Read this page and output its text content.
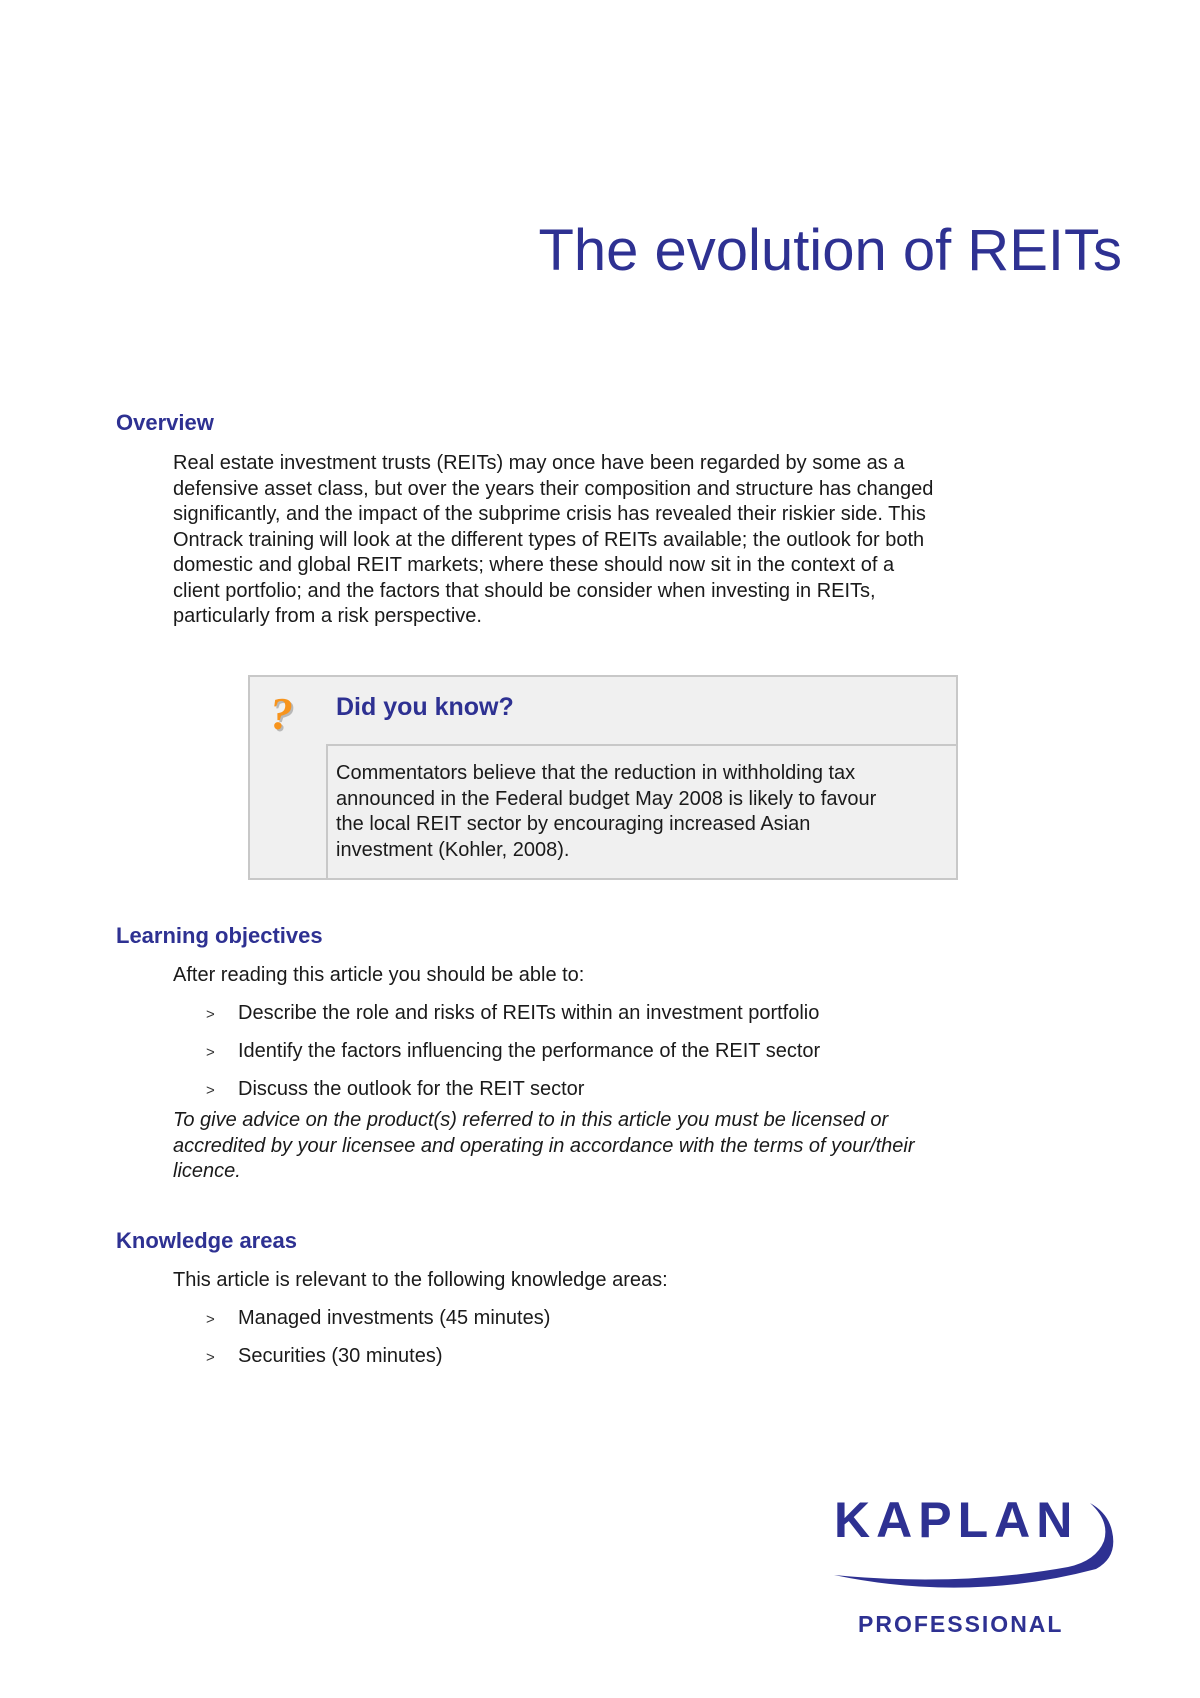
The evolution of REITs
Overview
Real estate investment trusts (REITs) may once have been regarded by some as a
defensive asset class, but over the years their composition and structure has changed
significantly, and the impact of the subprime crisis has revealed their riskier side. This
Ontrack training will look at the different types of REITs available; the outlook for both
domestic and global REIT markets; where these should now sit in the context of a
client portfolio; and the factors that should be consider when investing in REITs,
particularly from a risk perspective.
? Did you know?
Commentators believe that the reduction in withholding tax
announced in the Federal budget May 2008 is likely to favour
the local REIT sector by encouraging increased Asian
investment (Kohler, 2008).
Learning objectives

After reading this article you should be able to:

> Describe the role and risks of REITs within an investment portfolio
> Identify the factors influencing the performance of the REIT sector
> Discuss the outlook for the REIT sector
To give advice on the product(s) referred to in this article you must be licensed or
accredited by your licensee and operating in accordance with the terms of your/their
licence.
Knowledge areas

This article is relevant to the following knowledge areas:

> Managed investments (45 minutes)
> Securities (30 minutes)

KAPLAN

PROFESSIONAL
